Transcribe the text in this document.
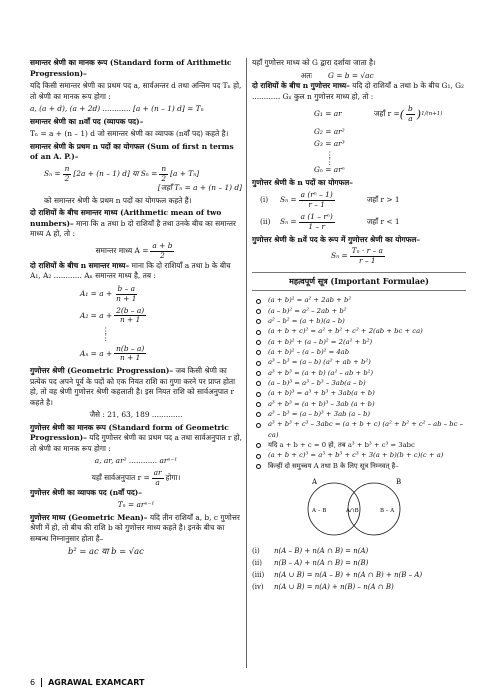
समान्तर श्रेणी का मानक रूप (Standard form of Arithmetic Progression)–

यदि किसी समान्तर श्रेणी का प्रथम पद a, सार्वअन्तर d तथा अन्तिम पद Tₙ हो, तो श्रेणी का मानक रूप होगा :

a, (a + d), (a + 2d) ............ [a + (n – 1) d] = Tₙ

समान्तर श्रेणी का nवाँ पद (व्यापक पद)–

Tₙ = a + (n – 1) d जो समान्तर श्रेणी का व्यापक (nवाँ पद) कहते है।

समान्तर श्रेणी के प्रथम n पदों का योगफल (Sum of first n terms of an A. P.)–

$S_n = \frac{n}{2} [2a + (n - 1)$ d] या $S_n = \frac{n}{2} [a + T_n]$

[जहाँ Tₙ = a + (n – 1) d]

को समान्तर श्रेणी के प्रथम n पदों का योगफल कहते हैं।

दो राशियों के बीच समान्तर माध्य (Arithmetic mean of two numbers)– माना कि a तथा b दो राशियाँ है तथा उनके बीच का समान्तर माध्य A हो, तो :

समान्तर माध्य $A = \frac{a + b}{2}$

दो राशियों के बीच n समान्तर माध्य– माना कि दो राशियाँ a तथा b के बीच A₁, A₂ ............ Aₙ समान्तर माध्य है, तब :

$A_1 = a + \frac{b - a}{n + 1}$
$A_2 = a + \frac{2(b - a)}{n + 1}$
⋮
⋮
$A_n = a + \frac{n(b - a)}{n + 1}$

गुणोत्तर श्रेणी (Geometric Progression)– जब किसी श्रेणी का प्रत्येक पद अपने पूर्व के पदों को एक नियत राशि का गुणा करने पर प्राप्त होता हो, तो वह श्रेणी गुणोत्तर श्रेणी कहलाती है। इस नियत राशि को सार्वअनुपात r कहते है।

जैसे : 21, 63, 189 .............

गुणोत्तर श्रेणी का मानक रूप (Standard form of Geometric Progression)– यदि गुणोत्तर श्रेणी का प्रथम पद a तथा सार्वअनुपात r हो, तो श्रेणी का मानक रूप होगा :

a, ar, ar² ............ arⁿ⁻¹

यहाँ सार्वअनुपात $r = \frac{ar}{a}$ होगा।

गुणोत्तर श्रेणी का व्यापक पद (nवाँ पद)–

Tₙ = arⁿ⁻¹

गुणोत्तर माध्य (Geometric Mean)– यदि तीन राशियाँ a, b, c गुणोत्तर श्रेणी में हो, तो बीच की राशि b को गुणोत्तर माध्य कहते है। इनके बीच का सम्बन्ध निम्नानुसार होता है–

b² = ac या b = √ac

यहाँ गुणोत्तर माध्य को G द्वारा दर्शाया जाता है।

अतः G = b = √ac

दो राशियों के बीच n गुणोत्तर माध्य– यदि दो राशियाँ a तथा b के बीच G₁, G₂ ............ Gₙ कुल n गुणोत्तर माध्य हो, तो :

G₁ = ar	जहाँ r = ( $\frac{b}{a}$ ) 1/(n+1)

G₂ = ar²

G₃ = ar³

⋮
⋮

Gₙ = arⁿ

गुणोत्तर श्रेणी के n पदों का योगफल–

(i)	$S_n = \frac{\text{a (rⁿ – 1)}}{r - 1}$	जहाँ r > 1
(ii)	$S_n = \frac{\text{a (1 – rⁿ)}}{1 - r}$	जहाँ r < 1

गुणोत्तर श्रेणी के nवें पद के रूप में गुणोत्तर श्रेणी का योगफल–

$S_n = \frac{\text{Tₙ · r – a}}{r - 1}$
महत्वपूर्ण सूत्र (Important Formulae)
(a + b)² = a² + 2ab + b²
(a – b)² = a² – 2ab + b²
a² – b² = (a + b)(a – b)
(a + b + c)² = a² + b² + c² + 2(ab + bc + ca)
(a + b)² + (a – b)² = 2(a² + b²)
(a + b)² – (a – b)² = 4ab
a³ – b³ = (a – b) (a² + ab + b²)
a³ + b³ = (a + b) (a² – ab + b²)
(a – b)³ = a³ – b³ – 3ab(a – b)
(a + b)³ = a³ + b³ + 3ab(a + b)
a³ + b³ = (a + b)³ – 3ab (a + b)
a³ – b³ = (a – b)³ + 3ab (a – b)
a³ + b³ + c³ – 3abc = (a + b + c) (a² + b² + c² – ab – bc – ca)
यदि a + b + c = 0 हो, तब a³ + b³ + c³ = 3abc
(a + b + c)³ = a³ + b³ + c³ + 3(a + b)(b + c)(c + a)
किन्हीं दो समुच्चय A तथा B के लिए सूत्र निम्नवत् है–
A	B
A – B	A∩B	B – A
(i)	n(A – B) + n(A ∩ B) = n(A)
(ii)	n(B – A) + n(A ∩ B) = n(B)
(iii)	n(A ∪ B) = n(A – B) + n(A ∩ B) + n(B – A)
(iv)	n(A ∪ B) = n(A) + n(B) – n(A ∩ B)
6 AGRAWAL EXAMCART
